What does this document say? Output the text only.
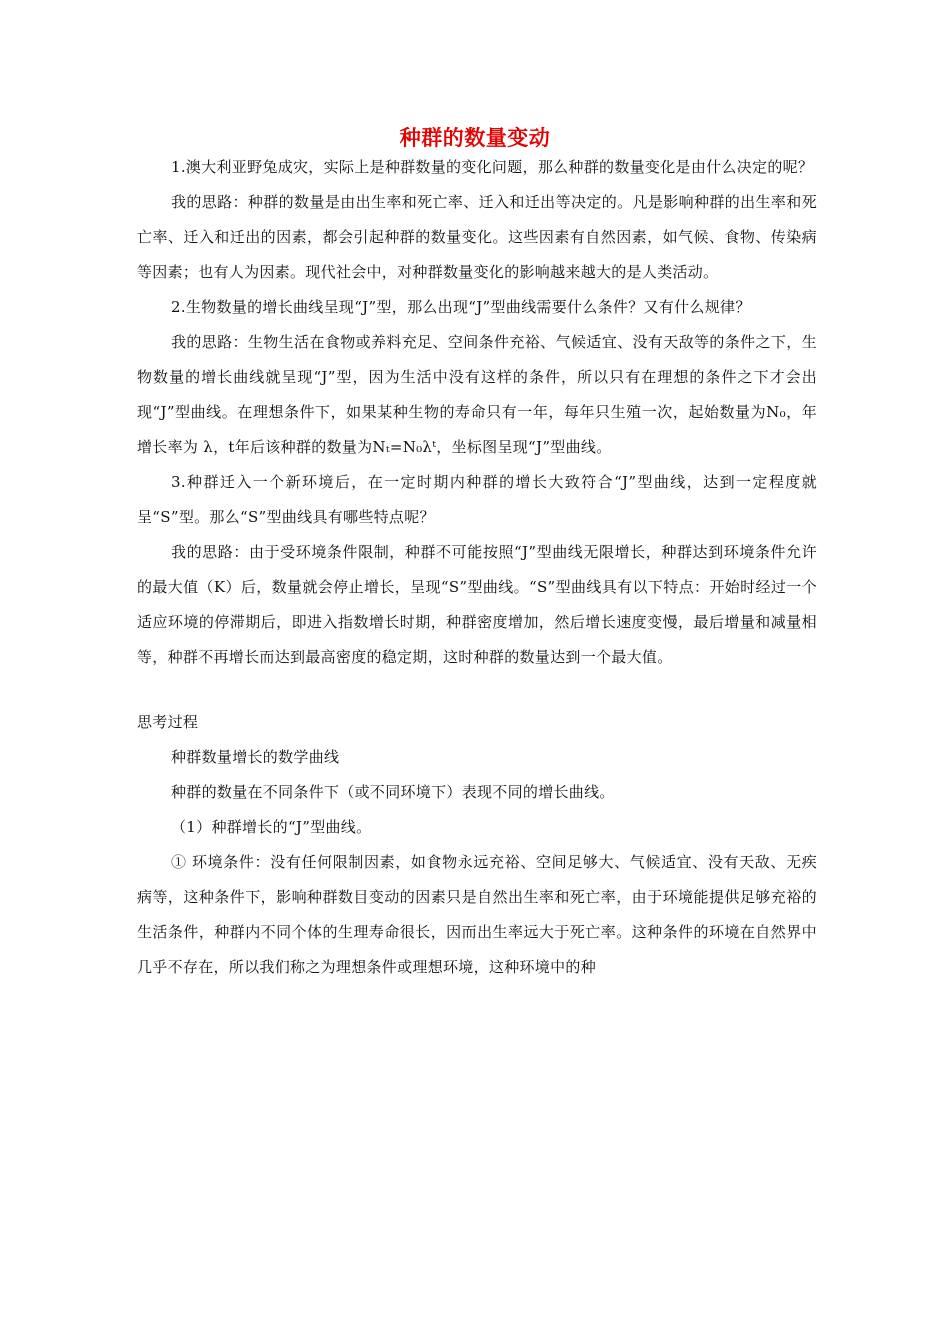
种群的数量变动

1.澳大利亚野兔成灾，实际上是种群数量的变化问题，那么种群的数量变化是由什么决定的呢？

我的思路：种群的数量是由出生率和死亡率、迁入和迁出等决定的。凡是影响种群的出生率和死亡率、迁入和迁出的因素，都会引起种群的数量变化。这些因素有自然因素，如气候、食物、传染病等因素；也有人为因素。现代社会中，对种群数量变化的影响越来越大的是人类活动。

2.生物数量的增长曲线呈现“J”型，那么出现“J”型曲线需要什么条件？又有什么规律？

我的思路：生物生活在食物或养料充足、空间条件充裕、气候适宜、没有天敌等的条件之下，生物数量的增长曲线就呈现“J”型，因为生活中没有这样的条件，所以只有在理想的条件之下才会出现“J”型曲线。在理想条件下，如果某种生物的寿命只有一年，每年只生殖一次，起始数量为N₀，年增长率为 λ，t年后该种群的数量为Nₜ=N₀λᵗ，坐标图呈现“J”型曲线。

3.种群迁入一个新环境后，在一定时期内种群的增长大致符合“J”型曲线，达到一定程度就呈“S”型。那么“S”型曲线具有哪些特点呢？

我的思路：由于受环境条件限制，种群不可能按照“J”型曲线无限增长，种群达到环境条件允许的最大值（K）后，数量就会停止增长，呈现“S”型曲线。“S”型曲线具有以下特点：开始时经过一个适应环境的停滞期后，即进入指数增长时期，种群密度增加，然后增长速度变慢，最后增量和减量相等，种群不再增长而达到最高密度的稳定期，这时种群的数量达到一个最大值。

思考过程

种群数量增长的数学曲线

种群的数量在不同条件下（或不同环境下）表现不同的增长曲线。

（1）种群增长的“J”型曲线。

① 环境条件：没有任何限制因素，如食物永远充裕、空间足够大、气候适宜、没有天敌、无疾病等，这种条件下，影响种群数目变动的因素只是自然出生率和死亡率，由于环境能提供足够充裕的生活条件，种群内不同个体的生理寿命很长，因而出生率远大于死亡率。这种条件的环境在自然界中几乎不存在，所以我们称之为理想条件或理想环境，这种环境中的种
